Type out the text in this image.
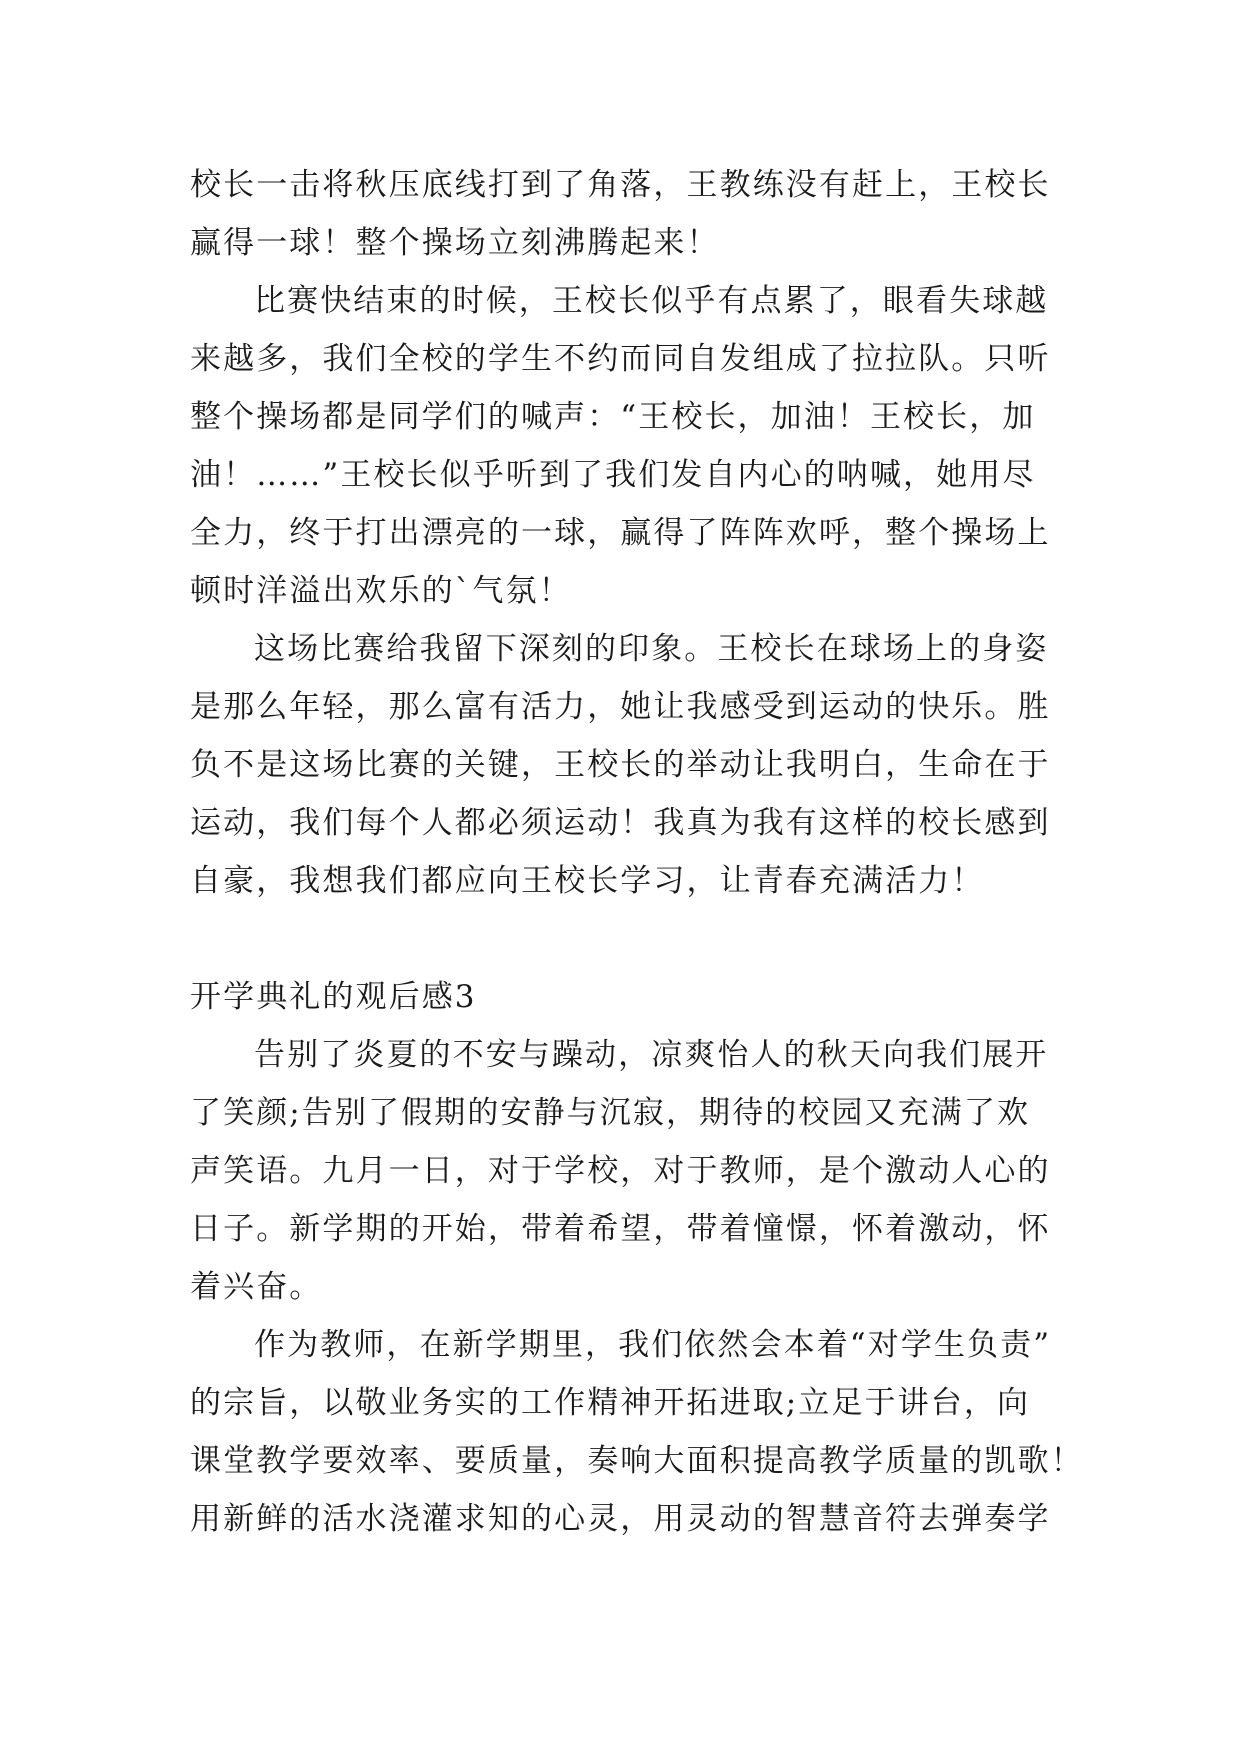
校长一击将秋压底线打到了角落，王教练没有赶上，王校长
赢得一球！整个操场立刻沸腾起来！
比赛快结束的时候，王校长似乎有点累了，眼看失球越
来越多，我们全校的学生不约而同自发组成了拉拉队。只听
整个操场都是同学们的喊声：“王校长，加油！王校长，加
油！……”王校长似乎听到了我们发自内心的呐喊，她用尽
全力，终于打出漂亮的一球，赢得了阵阵欢呼，整个操场上
顿时洋溢出欢乐的`气氛！
这场比赛给我留下深刻的印象。王校长在球场上的身姿
是那么年轻，那么富有活力，她让我感受到运动的快乐。胜
负不是这场比赛的关键，王校长的举动让我明白，生命在于
运动，我们每个人都必须运动！我真为我有这样的校长感到
自豪，我想我们都应向王校长学习，让青春充满活力！
开学典礼的观后感3
告别了炎夏的不安与躁动，凉爽怡人的秋天向我们展开
了笑颜;告别了假期的安静与沉寂，期待的校园又充满了欢
声笑语。九月一日，对于学校，对于教师，是个激动人心的
日子。新学期的开始，带着希望，带着憧憬，怀着激动，怀
着兴奋。
作为教师，在新学期里，我们依然会本着“对学生负责”
的宗旨，以敬业务实的工作精神开拓进取;立足于讲台，向
课堂教学要效率、要质量，奏响大面积提高教学质量的凯歌！
用新鲜的活水浇灌求知的心灵，用灵动的智慧音符去弹奏学
